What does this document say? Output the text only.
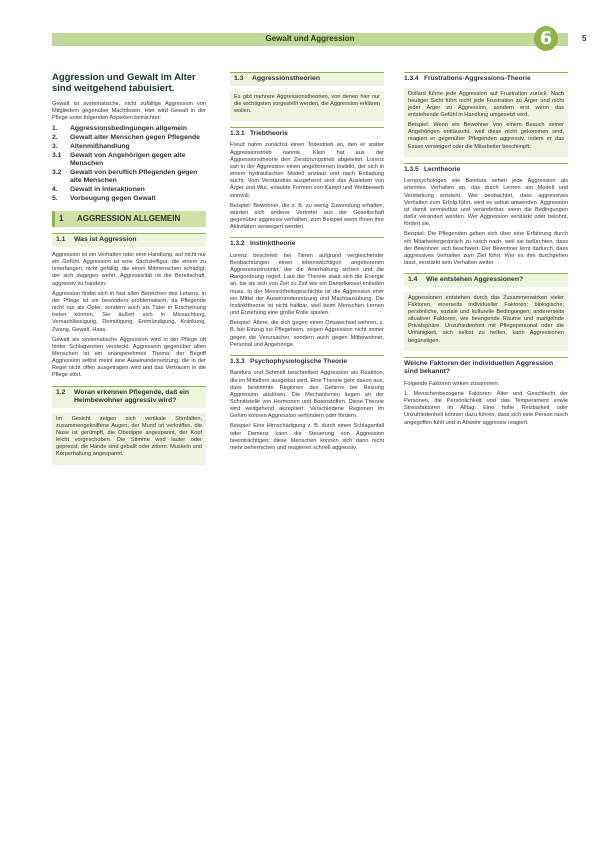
Gewalt und Aggression	6	5
Aggression und Gewalt im Alter sind weitgehend tabuisiert.

Gewalt ist systematische, nicht zufällige Aggression von Mitgliedern gegenüber Machtlosen. Hier wird Gewalt in der Pflege unter folgenden Aspekten betrachtet:

1.	Aggressionsbedingungen allgemein
2.	Gewalt alter Menschen gegen Pflegende
3.	Altenmißhandlung
3.1	Gewalt von Angehörigen gegen alte Menschen
3.2	Gewalt von beruflich Pflegenden gegen alte Menschen
4.	Gewalt in Interaktionen
5.	Vorbeugung gegen Gewalt
1	AGGRESSION ALLGEMEIN
1.1	Was ist Aggression

Aggression ist ein Verhalten oder eine Handlung, auf nicht nur ein Gefühl. Aggression ist eine Sachzielfigur, die einem zu unterfangen, nicht gefällig, die einen Mitmenschen schädigt, der sich dagegen wehrt. Aggressivität ist die Bereitschaft, aggressiv zu handeln.

Aggression findet sich in fast allen Bereichen des Lebens, in der Pflege ist sie besonders problematisch, da Pflegende nicht nur als Opfer, sondern auch als Täter in Erscheinung treten können. Sie äußert sich in Missachtung, Vernachlässigung, Demütigung, Entmündigung, Kränkung, Zwang, Gewalt, Hass.

Gewalt als systematische Aggression wird in der Pflege oft hinter Schlagworten versteckt. Aggression gegenüber alten Menschen ist ein unangenehmes Thema; der Begriff Aggression selbst meint eine Auseinandersetzung, die in der Regel nicht offen ausgetragen wird und das Vertrauen in die Pflege stört.

1.2	Woran erkennen Pflegende, daß ein Heimbewohner aggressiv wird?

Im Gesicht zeigen sich vertikale Stirnfalten, zusammengekniffene Augen, der Mund ist verkniffen, die Nase ist gerümpft, die Oberlippe angespannt, der Kopf leicht vorgeschoben. Die Stimme wird lauter oder gepresst, die Hände sind geballt oder zittern. Muskeln und Körperhaltung angespannt.

1.3	Aggressionstheorien

Es gibt mehrere Aggressionstheorien, von denen hier nur die wichtigsten vorgestellt werden, die Aggression erklären wollen.

1.3.1 Triebtheorie

Freud nahm zunächst einen Todestrieb an, den er später Aggressionstrieb nannte. Klein hat aus der Aggressionstheorie den Zerstörungstrieb abgeleitet. Lorenz sah in der Aggression einen angeborenen Instinkt, der sich in einem hydraulischen Modell anstaut und nach Entladung sucht. Vom Verständnis ausgehend sind das Ausleben von Ärger und Wut, erlaubte Formen von Kampf und Wettbewerb sinnvoll.

Beispiel: Bewohner, die z. B. zu wenig Zuwendung erhalten, würden sich anderer Vertreter aus der Gesellschaft gegenüber aggressiv verhalten, zum Beispiel wenn ihnen ihre Aktivitäten verweigert werden.

1.3.2 Instinkttheorie

Lorenz beschrieb bei Tieren aufgrund vergleichender Beobachtungen einen lebenswichtigen angeborenen Aggressionsinstinkt, der die Arterhaltung sichert und die Rangordnung regelt. Laut der Theorie staut sich die Energie an, bis sie sich von Zeit zu Zeit wie ein Dampfkessel entladen muss. In der Menschheitsgeschichte ist die Aggression eher ein Mittel der Auseinandersetzung und Machtausübung. Die Instinkttheorie ist nicht haltbar, weil beim Menschen Lernen und Erziehung eine große Rolle spielen.

Beispiel: Ältere, die sich gegen einen Ortswechsel wehren, z. B. bei Einzug ins Pflegeheim, zeigen Aggression nicht immer gegen die Verursacher, sondern auch gegen Mitbewohner, Personal und Angehörige.

1.3.3 Psychophysiologische Theorie

Bandura und Schmidt beschreiben Aggression als Reaktion, die im Mittelhirn ausgelöst wird. Eine Theorie geht davon aus, dass bestimmte Regionen des Gehirns bei Reizung Aggression auslösen. Die Mechanismen liegen an der Schnittstelle von Hormonen und Botenstoffen. Diese Theorie wird weitgehend akzeptiert. Verschiedene Regionen im Gehirn können Aggression verhindern oder fördern.

Beispiel: Eine Hirnschädigung z. B. durch einen Schlaganfall oder Demenz kann die Steuerung von Aggression beeinträchtigen; diese Menschen können sich dann nicht mehr beherrschen und reagieren schnell aggressiv.

1.3.4 Frustrations-Aggressions-Theorie

Dollard führte jede Aggression auf Frustration zurück. Nach heutiger Sicht führt nicht jede Frustration zu Ärger und nicht jeder Ärger zu Aggression, sondern erst wenn das entstehende Gefühl in Handlung umgesetzt wird.

Beispiel: Wenn ein Bewohner von einem Besuch seiner Angehörigen enttäuscht, weil diese nicht gekommen sind, reagiert er gegenüber Pflegenden aggressiv, indem er das Essen verweigert oder die Mitarbeiter beschimpft.

1.3.5 Lerntheorie

Lernpsychologen wie Bandura sehen jede Aggression als erlerntes Verhalten an, das durch Lernen am Modell und Verstärkung entsteht. Wer beobachtet, dass aggressives Verhalten zum Erfolg führt, wird es selbst anwenden. Aggression ist damit vermeidbar und veränderbar, wenn die Bedingungen dafür verändert werden. Wer Aggression verstärkt oder belohnt, fördert sie.

Beispiel: Die Pflegenden geben sich über eine Erfahrung durch ein Mitarbeitergespräch zu rasch nach, weil sie befürchten, dass der Bewohner sich beschwert. Der Bewohner lernt dadurch, dass aggressives Verhalten zum Ziel führt. Wer es ihm durchgehen lässt, verstärkt sein Verhalten weiter.

1.4	Wie entstehen Aggressionen?

Aggressionen entstehen durch das Zusammenwirken vieler Faktoren, einerseits individueller Faktoren: biologische, persönliche, soziale und kulturelle Bedingungen; andererseits situativer Faktoren, wie beengende Räume und mangelnde Privatsphäre. Unzufriedenheit mit Pflegepersonal oder die Unfähigkeit, sich selbst zu helfen, kann Aggressionen begünstigen.

Welche Faktoren der individuellen Aggression sind bekannt?

Folgende Faktoren wirken zusammen:

1. Menschenbezogene Faktoren: Alter und Geschlecht der Personen, die Persönlichkeit und das Temperament sowie Stressfaktoren im Alltag. Eine hohe Reizbarkeit oder Unzufriedenheit können dazu führen, dass sich eine Person rasch angegriffen fühlt und in Abwehr aggressiv reagiert.
